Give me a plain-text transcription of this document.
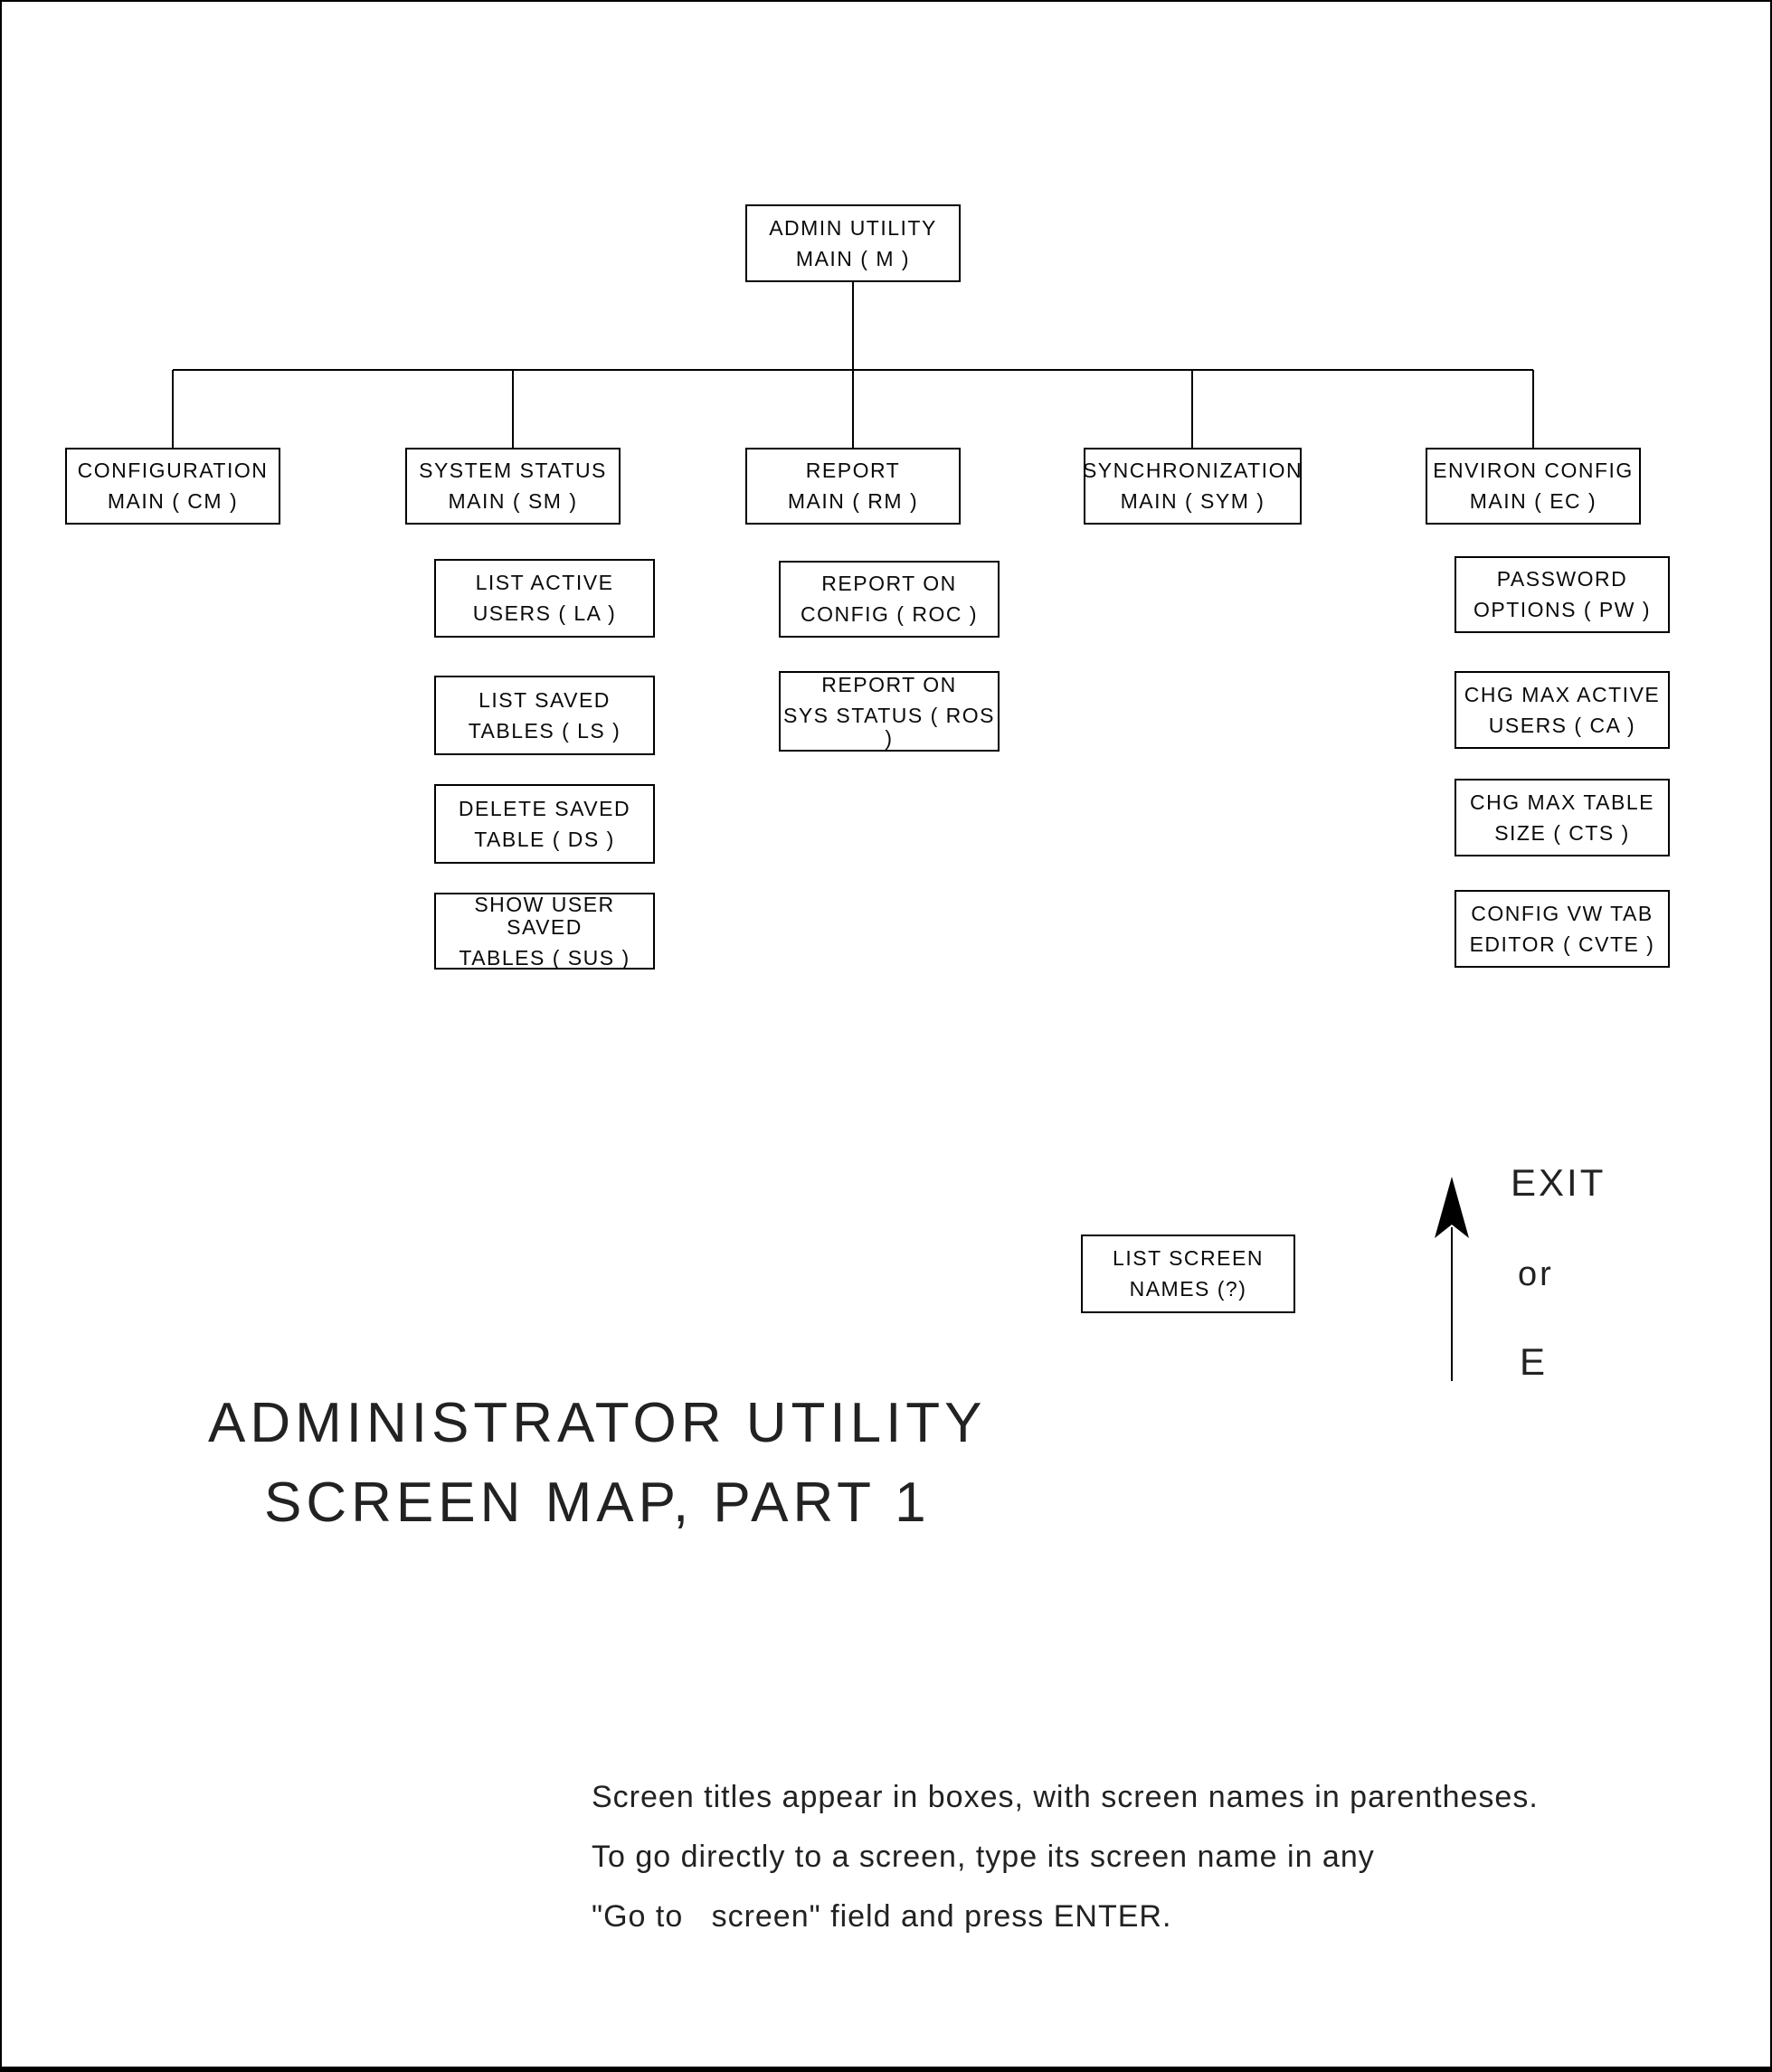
ADMIN UTILITY
MAIN ( M )
CONFIGURATION
MAIN ( CM )
SYSTEM STATUS
MAIN ( SM )
REPORT
MAIN ( RM )
SYNCHRONIZATION
MAIN ( SYM )
ENVIRON CONFIG
MAIN ( EC )
LIST ACTIVE
USERS ( LA )
LIST SAVED
TABLES ( LS )
DELETE SAVED
TABLE ( DS )
SHOW USER SAVED
TABLES ( SUS )
REPORT ON
CONFIG ( ROC )
REPORT ON
SYS STATUS ( ROS )
PASSWORD
OPTIONS ( PW )
CHG MAX ACTIVE
USERS ( CA )
CHG MAX TABLE
SIZE ( CTS )
CONFIG VW TAB
EDITOR ( CVTE )
LIST SCREEN
NAMES (?)
EXIT
or
E
ADMINISTRATOR UTILITY
SCREEN MAP, PART 1
Screen titles appear in boxes, with screen names in parentheses.
To go directly to a screen, type its screen name in any
"Go to   screen" field and press ENTER.
